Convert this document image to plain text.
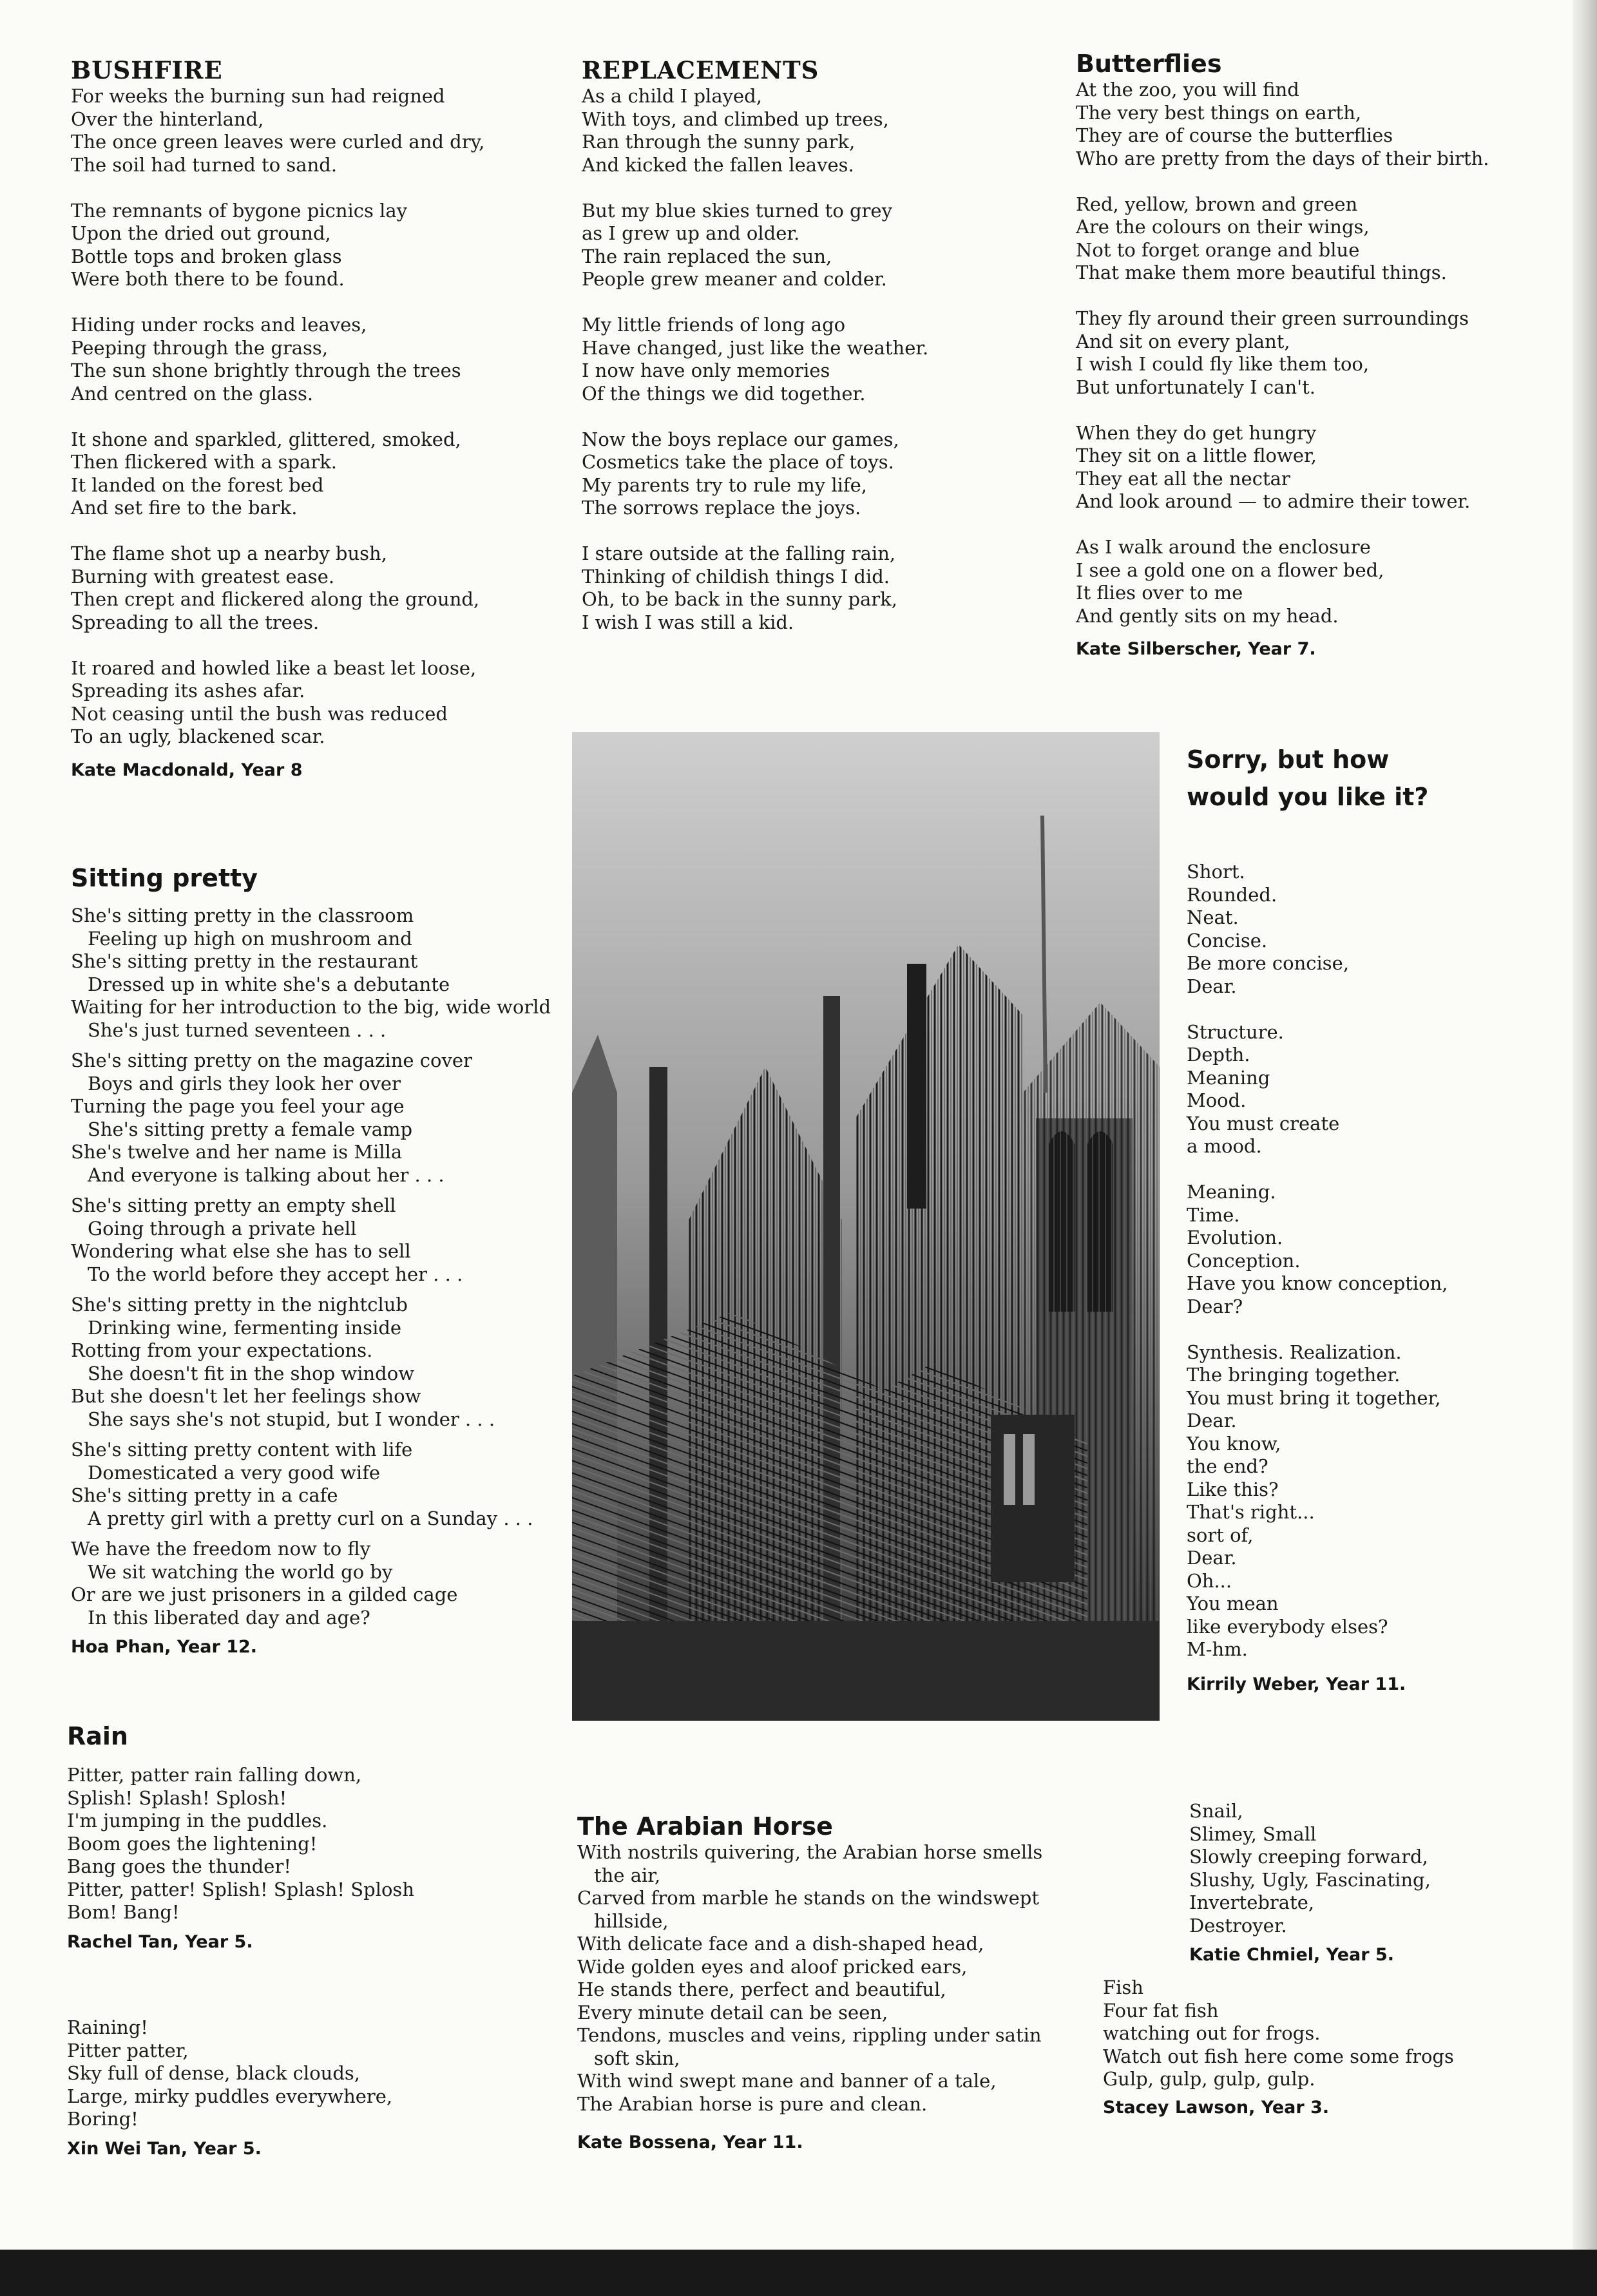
BUSHFIRE
For weeks the burning sun had reigned
Over the hinterland,
The once green leaves were curled and dry,
The soil had turned to sand.
The remnants of bygone picnics lay
Upon the dried out ground,
Bottle tops and broken glass
Were both there to be found.
Hiding under rocks and leaves,
Peeping through the grass,
The sun shone brightly through the trees
And centred on the glass.
It shone and sparkled, glittered, smoked,
Then flickered with a spark.
It landed on the forest bed
And set fire to the bark.
The flame shot up a nearby bush,
Burning with greatest ease.
Then crept and flickered along the ground,
Spreading to all the trees.
It roared and howled like a beast let loose,
Spreading its ashes afar.
Not ceasing until the bush was reduced
To an ugly, blackened scar.
Kate Macdonald, Year 8
REPLACEMENTS
As a child I played,
With toys, and climbed up trees,
Ran through the sunny park,
And kicked the fallen leaves.
But my blue skies turned to grey
as I grew up and older.
The rain replaced the sun,
People grew meaner and colder.
My little friends of long ago
Have changed, just like the weather.
I now have only memories
Of the things we did together.
Now the boys replace our games,
Cosmetics take the place of toys.
My parents try to rule my life,
The sorrows replace the joys.
I stare outside at the falling rain,
Thinking of childish things I did.
Oh, to be back in the sunny park,
I wish I was still a kid.
Butterflies
At the zoo, you will find
The very best things on earth,
They are of course the butterflies
Who are pretty from the days of their birth.
Red, yellow, brown and green
Are the colours on their wings,
Not to forget orange and blue
That make them more beautiful things.
They fly around their green surroundings
And sit on every plant,
I wish I could fly like them too,
But unfortunately I can't.
When they do get hungry
They sit on a little flower,
They eat all the nectar
And look around — to admire their tower.
As I walk around the enclosure
I see a gold one on a flower bed,
It flies over to me
And gently sits on my head.
Kate Silberscher, Year 7.
Sitting pretty
She's sitting pretty in the classroom
Feeling up high on mushroom and
She's sitting pretty in the restaurant
Dressed up in white she's a debutante
Waiting for her introduction to the big, wide world
She's just turned seventeen . . .
She's sitting pretty on the magazine cover
Boys and girls they look her over
Turning the page you feel your age
She's sitting pretty a female vamp
She's twelve and her name is Milla
And everyone is talking about her . . .
She's sitting pretty an empty shell
Going through a private hell
Wondering what else she has to sell
To the world before they accept her . . .
She's sitting pretty in the nightclub
Drinking wine, fermenting inside
Rotting from your expectations.
She doesn't fit in the shop window
But she doesn't let her feelings show
She says she's not stupid, but I wonder . . .
She's sitting pretty content with life
Domesticated a very good wife
She's sitting pretty in a cafe
A pretty girl with a pretty curl on a Sunday . . .
We have the freedom now to fly
We sit watching the world go by
Or are we just prisoners in a gilded cage
In this liberated day and age?
Hoa Phan, Year 12.
Sorry, but how
would you like it?
Short.
Rounded.
Neat.
Concise.
Be more concise,
Dear.
Structure.
Depth.
Meaning
Mood.
You must create
a mood.
Meaning.
Time.
Evolution.
Conception.
Have you know conception,
Dear?
Synthesis. Realization.
The bringing together.
You must bring it together,
Dear.
You know,
the end?
Like this?
That's right...
sort of,
Dear.
Oh...
You mean
like everybody elses?
M-hm.
Kirrily Weber, Year 11.
Rain
Pitter, patter rain falling down,
Splish! Splash! Splosh!
I'm jumping in the puddles.
Boom goes the lightening!
Bang goes the thunder!
Pitter, patter! Splish! Splash! Splosh
Bom! Bang!
Rachel Tan, Year 5.
Raining!
Pitter patter,
Sky full of dense, black clouds,
Large, mirky puddles everywhere,
Boring!
Xin Wei Tan, Year 5.
The Arabian Horse
With nostrils quivering, the Arabian horse smells
the air,
Carved from marble he stands on the windswept
hillside,
With delicate face and a dish-shaped head,
Wide golden eyes and aloof pricked ears,
He stands there, perfect and beautiful,
Every minute detail can be seen,
Tendons, muscles and veins, rippling under satin
soft skin,
With wind swept mane and banner of a tale,
The Arabian horse is pure and clean.
Kate Bossena, Year 11.
Snail,
Slimey, Small
Slowly creeping forward,
Slushy, Ugly, Fascinating,
Invertebrate,
Destroyer.
Katie Chmiel, Year 5.
Fish
Four fat fish
watching out for frogs.
Watch out fish here come some frogs
Gulp, gulp, gulp, gulp.
Stacey Lawson, Year 3.
